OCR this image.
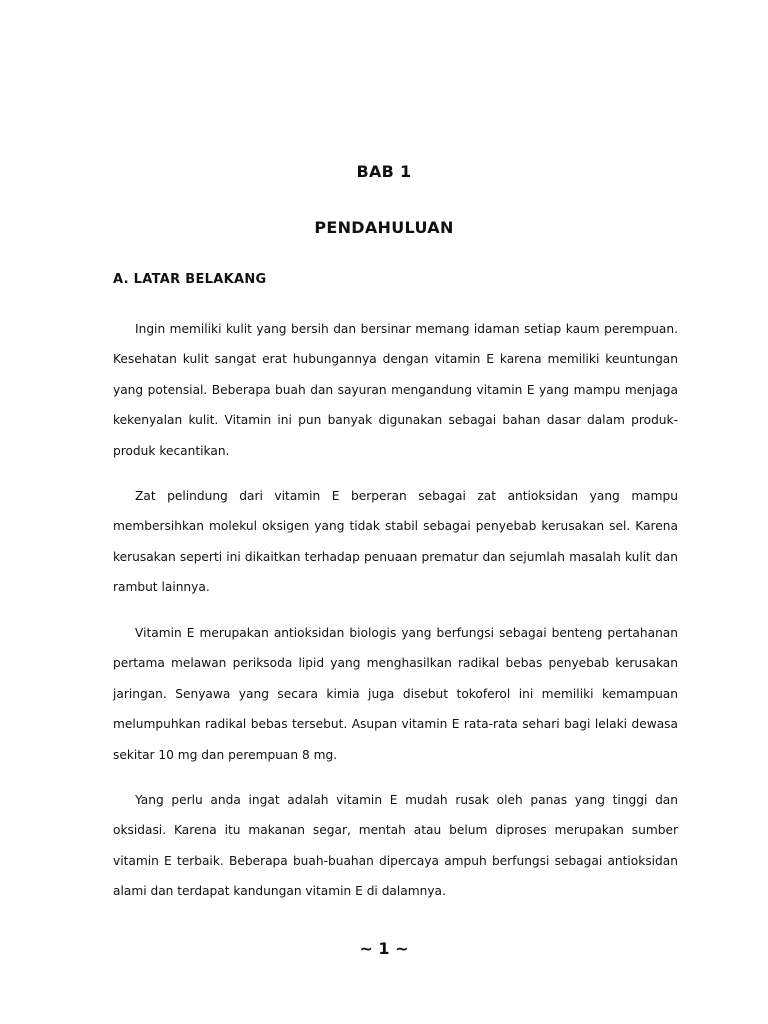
BAB 1
PENDAHULUAN
A. LATAR BELAKANG

Ingin memiliki kulit yang bersih dan bersinar memang idaman setiap kaum perempuan. Kesehatan kulit sangat erat hubungannya dengan vitamin E karena memiliki keuntungan yang potensial. Beberapa buah dan sayuran mengandung vitamin E yang mampu menjaga kekenyalan kulit. Vitamin ini pun banyak digunakan sebagai bahan dasar dalam produk-produk kecantikan.

Zat pelindung dari vitamin E berperan sebagai zat antioksidan yang mampu membersihkan molekul oksigen yang tidak stabil sebagai penyebab kerusakan sel. Karena kerusakan seperti ini dikaitkan terhadap penuaan prematur dan sejumlah masalah kulit dan rambut lainnya.

Vitamin E merupakan antioksidan biologis yang berfungsi sebagai benteng pertahanan pertama melawan periksoda lipid yang menghasilkan radikal bebas penyebab kerusakan jaringan. Senyawa yang secara kimia juga disebut tokoferol ini memiliki kemampuan melumpuhkan radikal bebas tersebut. Asupan vitamin E rata-rata sehari bagi lelaki dewasa sekitar 10 mg dan perempuan 8 mg.

Yang perlu anda ingat adalah vitamin E mudah rusak oleh panas yang tinggi dan oksidasi. Karena itu makanan segar, mentah atau belum diproses merupakan sumber vitamin E terbaik. Beberapa buah-buahan dipercaya ampuh berfungsi sebagai antioksidan alami dan terdapat kandungan vitamin E di dalamnya.

~ 1 ~
